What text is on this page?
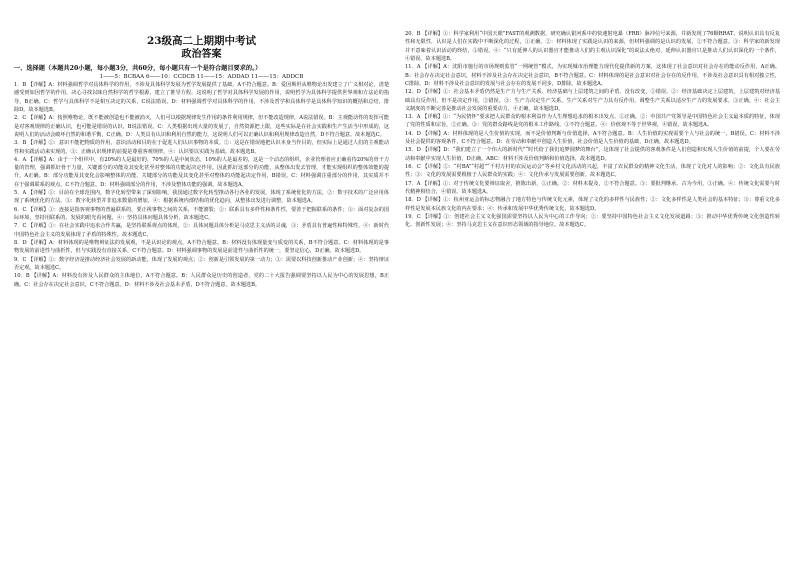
23级高二上期期中考试
政治答案
一、选择题（本题共20小题，每小题3分，共60分，每小题只有一个是符合题目要求的。）
1——5：BCBAA 6——10：CCDCB 11——15：ADDAD 11——15：ADDCB

1．B 【详解】A：材料强调哲学对具体科学的作用，不涉及具体科学发展为哲学发展提供了基础，A不符合题意。B：爱因斯坦从唯物论出发建立了广义相对论，清楚感受到如因哲学的作用，决心寻找以昧自然科学的哲学根源，建立了推导方程，这说明了哲学对具体科学发展的作用，说明哲学为具体科学提供世界观和方法论的指导，B正确。C：哲学与具体科学不是相互决定的关系，C说法错误。D：材料强调哲学对具体科学的作用，不涉及哲学和具体科学是具体科学知识的概括和总结，排除D。故本题选B。

2．C 【详解】A：按照唯物论，既不能被创造也不能被消灭，人们可以根据规律发生作用的条件利用规律，但不能改造规律，A说法错误。B：主观能动性的发挥可能是对客观规律的正确认识，也可能是错误的认识，B说法错误。C：人类根据出现大量的发展了，自然资源把上限，这些实际是在社会实践和生产生活当中形成的，这说明人们的活动会破坏自然的和谐平衡，C正确。D：人类具有认识和利用自然的能力，这说明人们可以正确认识和利用规律改造自然，D不符合题意。故本题选C。

3．B 【详解】①：意识不能把物质的作用，意识活动和目的在于促进人们认识事物的本质。②：这是在错误地把认识本身当作目的，但实际上是通过人们的主观能动性和实践活动来实现的。③：正确认识规律的前提是尊重客观规律，④：认识要以实践为基础。故本题选B。

4．A 【详解】A：由于一个组织中，有20%的人是最好的，70%的人是中间状态，10%的人是最差的，这是一个动态的组织，企业管理者应正确看待20%的骨干力量的管理，强调抓好骨干力量，关键部分的功能及其变化甚至对整体的功能起决定作用。因此抓好这部分的功能，从整体出发去管理，才能实现组织的整体效能的提升，A正确。B：部分功能及其变化会影响整体的功能，关键部分的功能及其变化甚至对整体的功能起决定作用，B错误。C：材料强调注重部分的作用，其实质并不在于强调联系的观点，C不符合题意。D：材料强调部分的作用，不涉及整体功能的强调。故本题选A。

5．A 【详解】①：目前在全球范围内，数字化转型带来了深刻影响，我国通过数字化转型推动各行各业的发展，体现了系统优化的方法，②：数字技术的广泛应用体现了系统优化的方法。③：数字化转型并非追求数量的增加，④：根据系统内部结构的优化趋向，从整体出发进行调整。故本题选A。

6．C 【详解】①：连接是指客观事物的普遍联系的，要正视事物之间的关系，不能割裂；②：联系具有多样性和条件性，要善于把握联系的条件；③：面对复杂的国际环境，坚持用联系的、发展的眼光看问题，④：坚持具体问题具体分析，故本题选C。

7．C 【详解】①：在社会实践中追求合作共赢，是坚持联系观点的体现，②：具体问题具体分析是马克思主义活的灵魂，③：矛盾具有普遍性和特殊性，④：新时代中国特色社会主义的发展体现了矛盾的特殊性。故本题选C。

8．D 【详解】A：材料体现的是唯物辩证法的发展观，不是认识论的观点，A不符合题意。B：材料没有体现量变与质变的关系，B不符合题意。C：材料体现的是事物发展的前进性与曲折性，但与实践没有直接关系，C不符合题意。D：材料强调事物的发展是前进性与曲折性的统一，要坚定信心，D正确。故本题选D。

9．C 【详解】①：数字经济是推动经济社会发展的新动能，体现了发展的观点；②：创新是引领发展的第一动力；③：需要以科技创新推动产业创新；④：坚持辩证否定观。故本题选C。

10．B 【详解】A：材料没有涉及人民群众的主体地位，A不符合题意。B：人民群众是历史的创造者，党的二十大报告强调要坚持以人民为中心的发展思想，B正确。C：社会存在决定社会意识，C不符合题意。D：材料不涉及社会基本矛盾，D不符合题意。故本题选B。

20．B 【详解】①：科学家利用“中国天眼”FAST的观测数据，研究确认银河系中的快速射电暴（FRB）脉冲信号来源，并新发现了76颗RRAT，说明认识具有反复性和无限性，认识是人们在实践中不断深化的过程，①正确。②：材料体现了实践是认识的来源，但材料强调的是认识的发展，②不符合题意。③：科学家的新发现并不意味着认识活动的终结，③错误。④：“只有延伸人的认识器官才能推动人们的主观认识深化”的说法太绝对，延伸认识器官只是推动人们认识深化的一个条件，④错误。故本题选B。

11．A 【详解】A：沈阳市施行的市场规则监管“一网统管”模式，为实现城市治理能力现代化提供新的方案，这体现了社会意识对社会存在的能动反作用，A正确。B：社会存在决定社会意识，材料不涉及社会存在决定社会意识，B不符合题意。C：材料体现的是社会意识对社会存在的反作用，不涉及社会意识具有相对独立性，C排除。D：材料不涉及社会意识的发展与社会存在的发展不同步，D排除。故本题选A。

12．D 【详解】①：社会基本矛盾仍然是生产力与生产关系、经济基础与上层建筑之间的矛盾，没有改变，①错误。②：经济基础决定上层建筑，上层建筑对经济基础具有反作用，但不是决定作用，②错误。③：生产力决定生产关系，生产关系对生产力具有反作用，调整生产关系以适应生产力的发展要求，③正确。④：社会主义制度的不断完善是推动社会发展的重要动力，④正确。故本题选D。

13．A 【详解】①：“为民情怀”要求把人民群众的根本利益作为人生理想追求的根本出发点，①正确。②：中国共产党领导是中国特色社会主义最本质的特征，体现了党的性质和宗旨，②正确。③：党的群众路线是党的根本工作路线，③不符合题意。④：价值观不等于世界观，④错误。故本题选A。

14．D 【详解】A：材料体现的是人生价值的实现，而不是价值判断与价值选择，A不符合题意。B：人生价值的实现需要个人与社会的统一，B错误。C：材料不涉及社会提供的客观条件，C不符合题意。D：在劳动和奉献中创造人生价值，社会价值是人生价值的基础，D正确。故本题选D。

15．D 【详解】D：“我们建立了一个伟大的新时代”“时代给了我们追梦圆梦的舞台”，这体现了社会提供的客观条件是人们创造和实现人生价值的前提，个人要在劳动和奉献中实现人生价值，D正确。ABC：材料不涉及价值判断和价值选择，故本题选D。

16．C 【详解】①：“村BA”“村超”“千村万村的农民运动会”等乡村文化活动的兴起，丰富了农民群众的精神文化生活，体现了文化对人的影响；②：文化具有民族性；③：文化的发展需要根植于人民群众的实践；④：文化传承与发展需要创新。故本题选C。

17．A 【详解】①：对于传统文化要辩证取舍，推陈出新，①正确。②：材料未提及，②不符合题意。③：要批判继承，古为今用，③正确。④：传统文化需要与时代精神相结合，④错误。故本题选A。

18．D 【详解】①：杭州亚运会的标志物融合了地方特色与传统文化元素，体现了文化的多样性与民族性；②：文化多样性是人类社会的基本特征；③：尊重文化多样性是发展本民族文化的内在要求；④：传承和发展中华优秀传统文化。故本题选D。

19．C 【详解】①：创建社会主义文化强国需要坚持以人民为中心的工作导向；②：要坚持中国特色社会主义文化发展道路；③：推动中华优秀传统文化创造性转化、创新性发展；④：坚持马克思主义在意识形态领域的指导地位。故本题选C。
